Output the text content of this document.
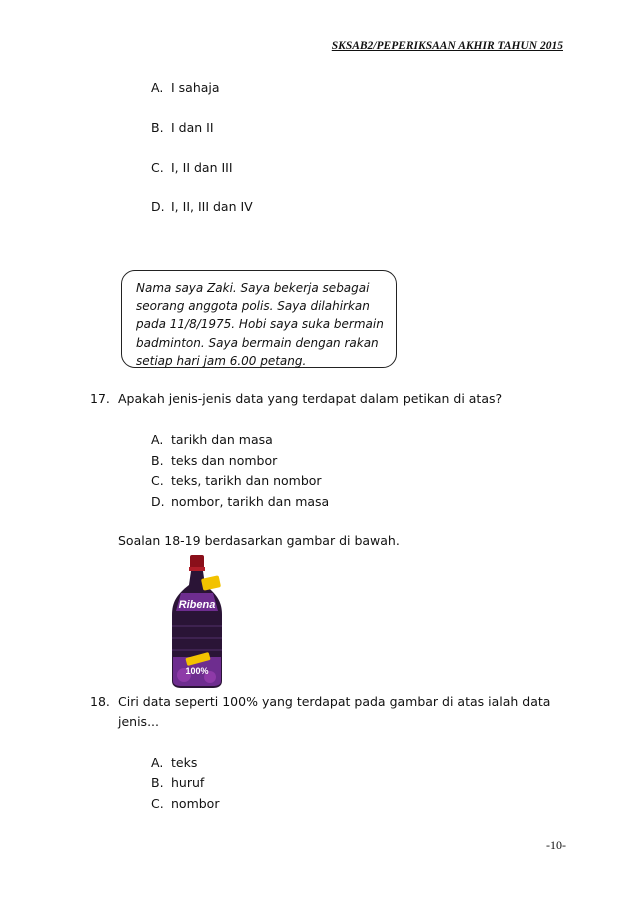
SKSAB2/PEPERIKSAAN AKHIR TAHUN 2015
A. I sahaja
B. I dan II
C. I, II dan III
D. I, II, III dan IV
Nama saya Zaki. Saya bekerja sebagai
seorang anggota polis. Saya dilahirkan
pada 11/8/1975. Hobi saya suka bermain
badminton. Saya bermain dengan rakan
setiap hari jam 6.00 petang.
17. Apakah jenis-jenis data yang terdapat dalam petikan di atas?
A. tarikh dan masa
B. teks dan nombor
C. teks, tarikh dan nombor
D. nombor, tarikh dan masa
Soalan 18-19 berdasarkan gambar di bawah.
Ribena
100%
18. Ciri data seperti 100% yang terdapat pada gambar di atas ialah data
jenis...
A. teks
B. huruf
C. nombor
-10-
